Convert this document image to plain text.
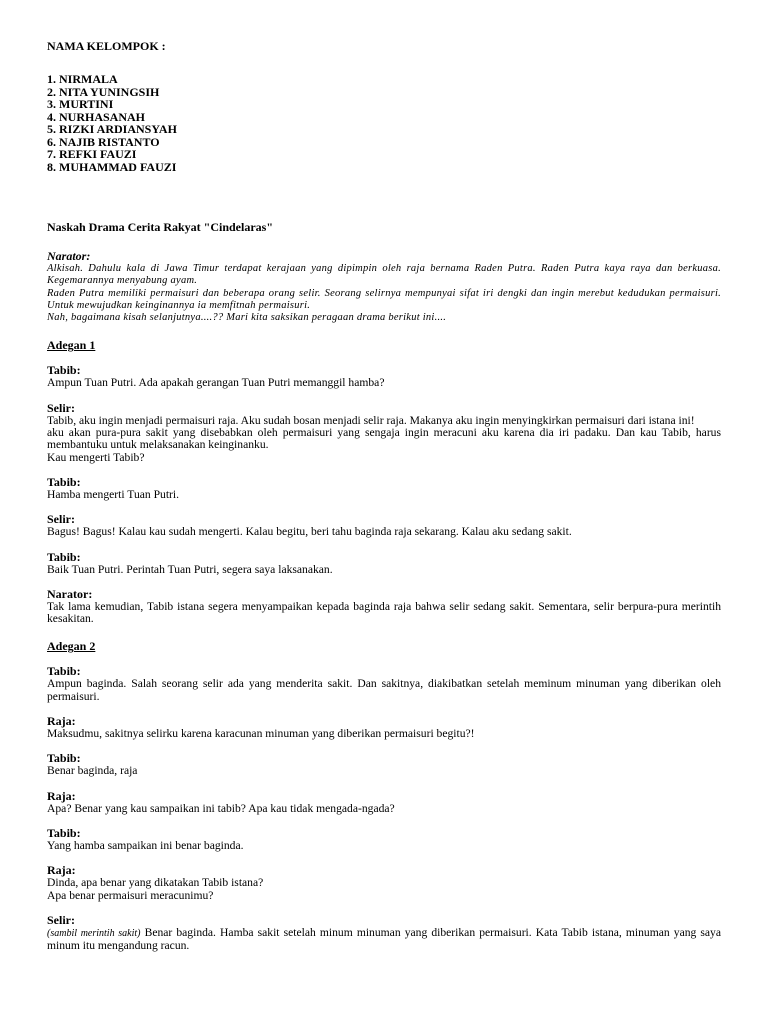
NAMA KELOMPOK :
1. NIRMALA
2. NITA YUNINGSIH
3. MURTINI
4. NURHASANAH
5. RIZKI ARDIANSYAH
6. NAJIB RISTANTO
7. REFKI FAUZI
8. MUHAMMAD FAUZI
Naskah Drama Cerita Rakyat "Cindelaras"
Narator:
Alkisah. Dahulu kala di Jawa Timur terdapat kerajaan yang dipimpin oleh raja bernama Raden Putra. Raden Putra kaya raya dan berkuasa. Kegemarannya menyabung ayam.
Raden Putra memiliki permaisuri dan beberapa orang selir. Seorang selirnya mempunyai sifat iri dengki dan ingin merebut kedudukan permaisuri. Untuk mewujudkan keinginannya ia memfitnah permaisuri.
Nah, bagaimana kisah selanjutnya....?? Mari kita saksikan peragaan drama berikut ini....
Adegan 1
Tabib:
Ampun Tuan Putri. Ada apakah gerangan Tuan Putri memanggil hamba?
Selir:
Tabib, aku ingin menjadi permaisuri raja. Aku sudah bosan menjadi selir raja. Makanya aku ingin menyingkirkan permaisuri dari istana ini!
aku akan pura-pura sakit yang disebabkan oleh permaisuri yang sengaja ingin meracuni aku karena dia iri padaku. Dan kau Tabib, harus membantuku untuk melaksanakan keinginanku.
Kau mengerti Tabib?
Tabib:
Hamba mengerti Tuan Putri.
Selir:
Bagus! Bagus! Kalau kau sudah mengerti. Kalau begitu, beri tahu baginda raja sekarang. Kalau aku sedang sakit.
Tabib:
Baik Tuan Putri. Perintah Tuan Putri, segera saya laksanakan.
Narator:
Tak lama kemudian, Tabib istana segera menyampaikan kepada baginda raja bahwa selir sedang sakit. Sementara, selir berpura-pura merintih kesakitan.
Adegan 2
Tabib:
Ampun baginda. Salah seorang selir ada yang menderita sakit. Dan sakitnya, diakibatkan setelah meminum minuman yang diberikan oleh permaisuri.
Raja:
Maksudmu, sakitnya selirku karena karacunan minuman yang diberikan permaisuri begitu?!
Tabib:
Benar baginda, raja
Raja:
Apa? Benar yang kau sampaikan ini tabib? Apa kau tidak mengada-ngada?
Tabib:
Yang hamba sampaikan ini benar baginda.
Raja:
Dinda, apa benar yang dikatakan Tabib istana?
Apa benar permaisuri meracunimu?
Selir:
(sambil merintih sakit) Benar baginda. Hamba sakit setelah minum minuman yang diberikan permaisuri. Kata Tabib istana, minuman yang saya minum itu mengandung racun.
